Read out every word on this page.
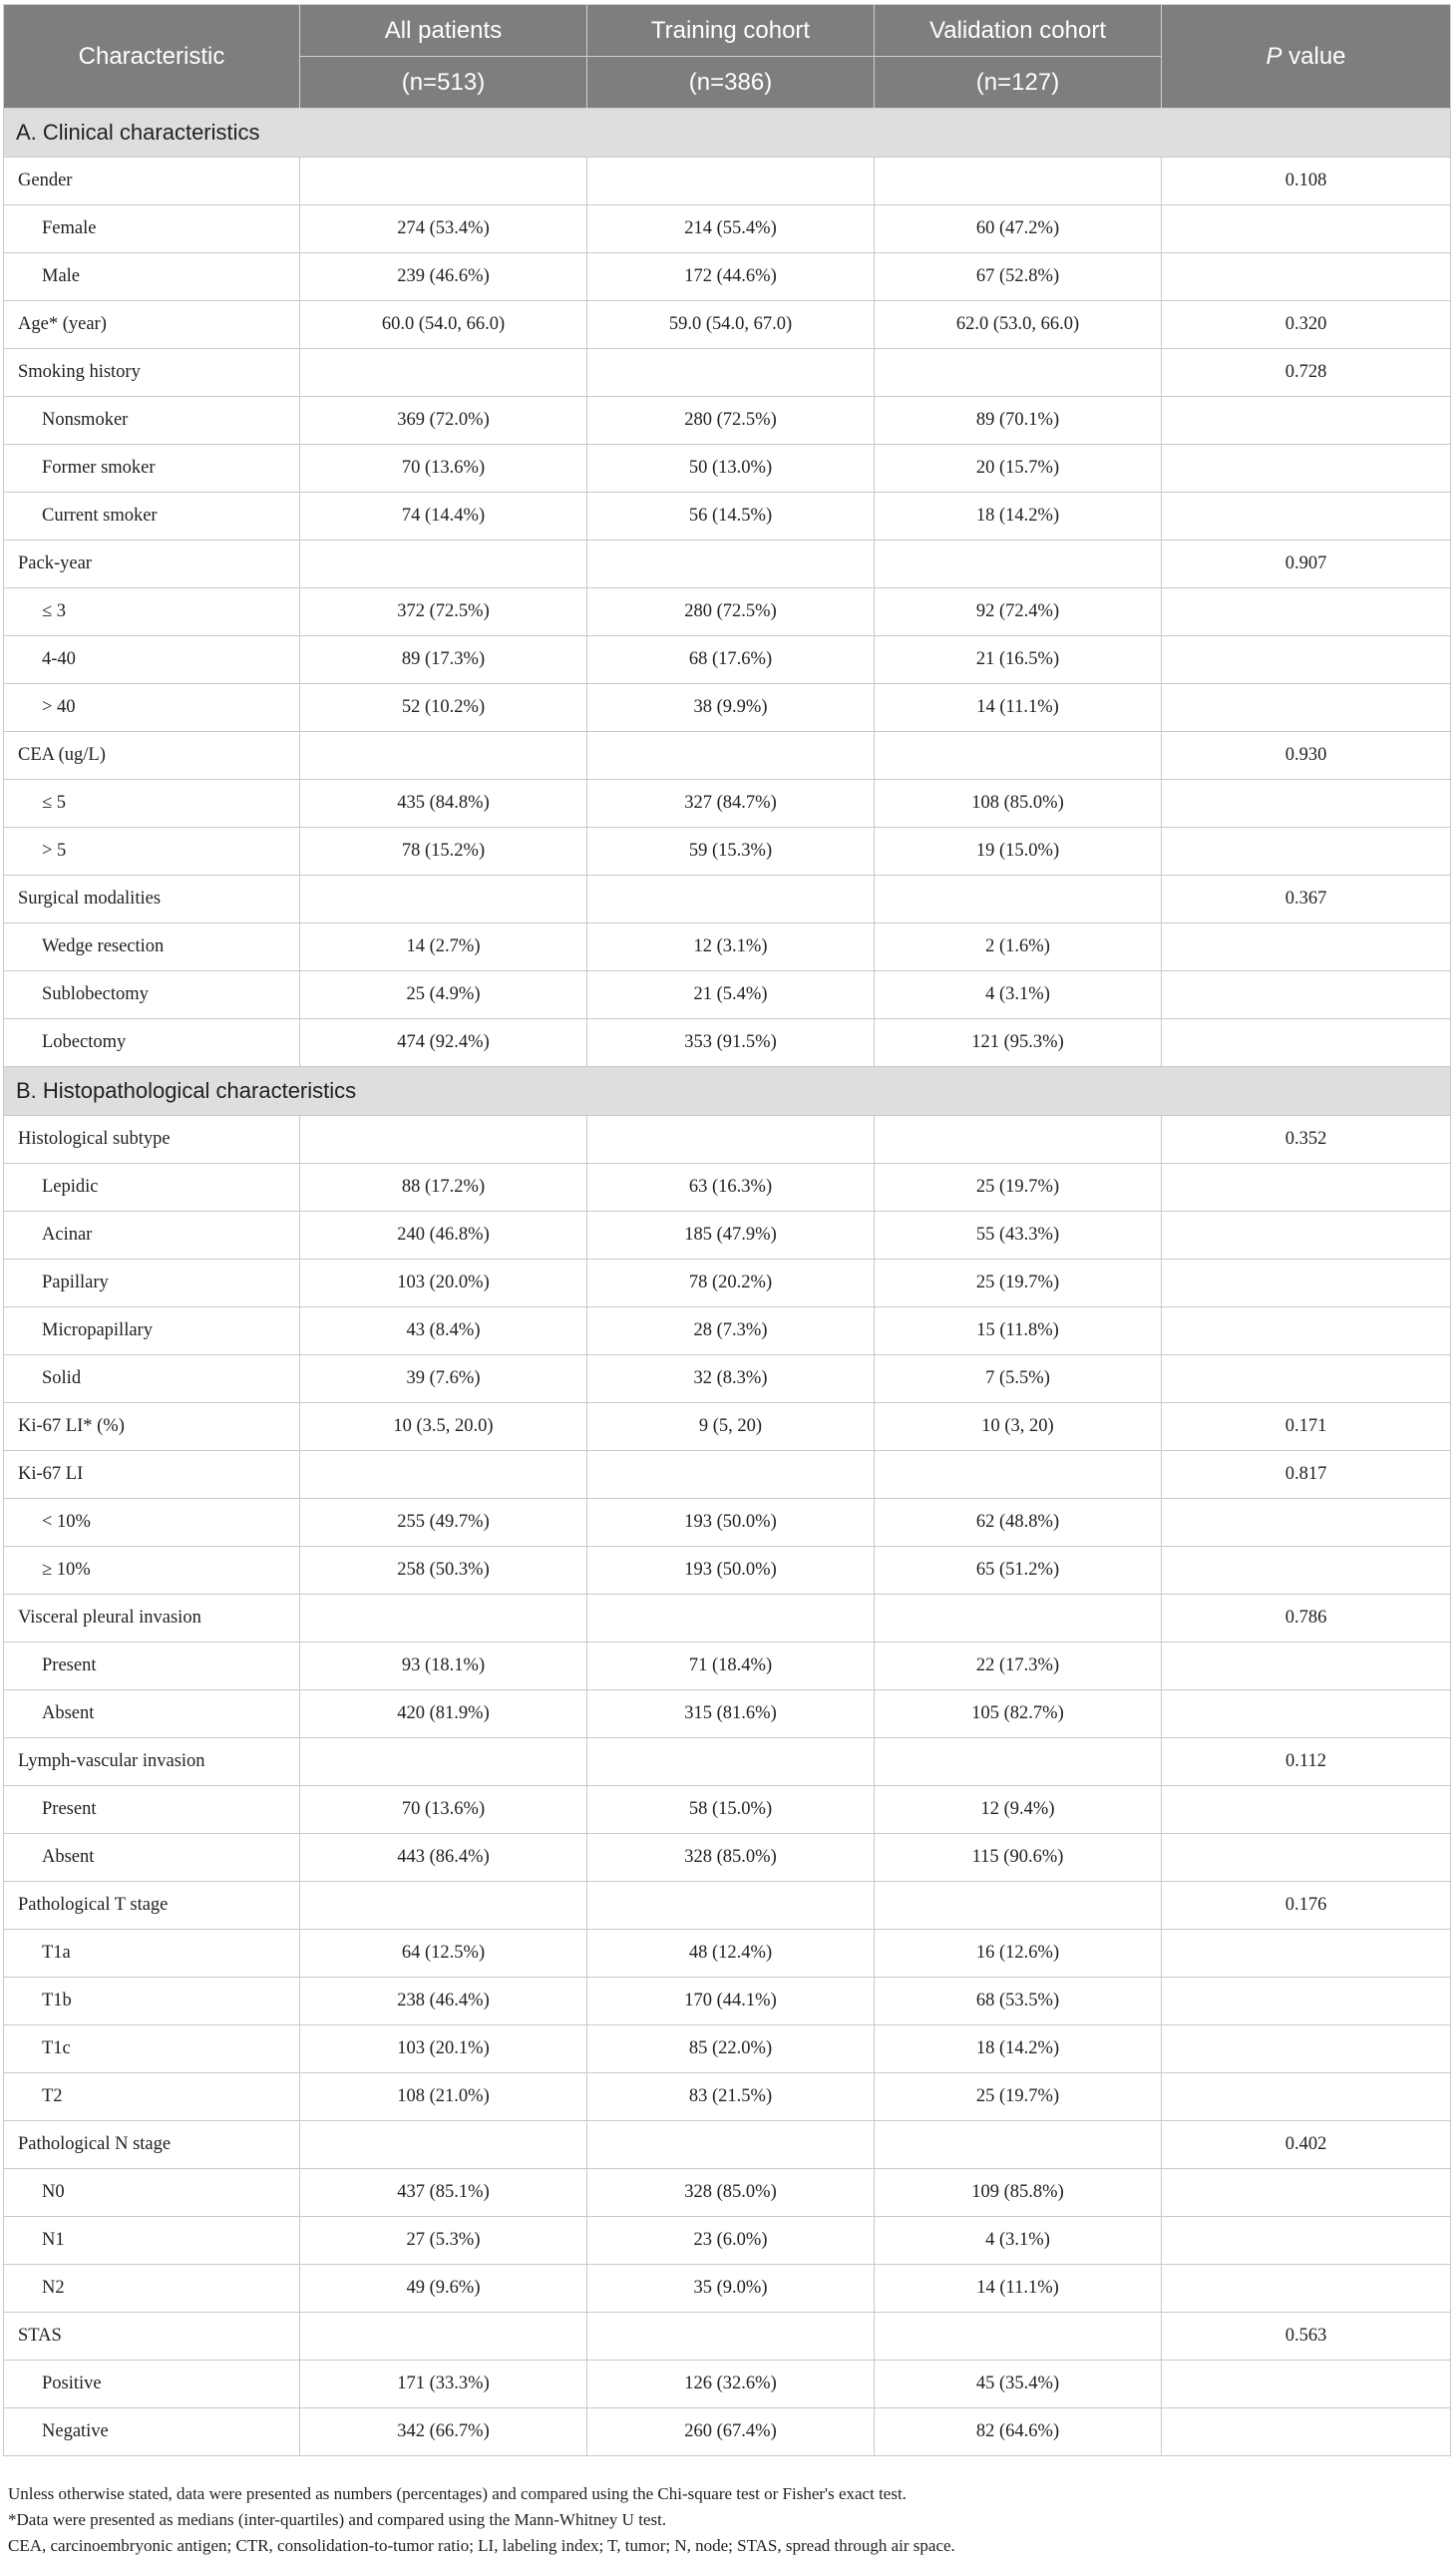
Characteristic	All patients	Training cohort	Validation cohort	P value
	(n=513)	(n=386)	(n=127)	
A. Clinical characteristics				
Gender				0.108
Female	274 (53.4%)	214 (55.4%)	60 (47.2%)	
Male	239 (46.6%)	172 (44.6%)	67 (52.8%)	
Age* (year)	60.0 (54.0, 66.0)	59.0 (54.0, 67.0)	62.0 (53.0, 66.0)	0.320
Smoking history				0.728
Nonsmoker	369 (72.0%)	280 (72.5%)	89 (70.1%)	
Former smoker	70 (13.6%)	50 (13.0%)	20 (15.7%)	
Current smoker	74 (14.4%)	56 (14.5%)	18 (14.2%)	
Pack-year				0.907
≤ 3	372 (72.5%)	280 (72.5%)	92 (72.4%)	
4-40	89 (17.3%)	68 (17.6%)	21 (16.5%)	
> 40	52 (10.2%)	38 (9.9%)	14 (11.1%)	
CEA (ug/L)				0.930
≤ 5	435 (84.8%)	327 (84.7%)	108 (85.0%)	
> 5	78 (15.2%)	59 (15.3%)	19 (15.0%)	
Surgical modalities				0.367
Wedge resection	14 (2.7%)	12 (3.1%)	2 (1.6%)	
Sublobectomy	25 (4.9%)	21 (5.4%)	4 (3.1%)	
Lobectomy	474 (92.4%)	353 (91.5%)	121 (95.3%)	
B. Histopathological characteristics				
Histological subtype				0.352
Lepidic	88 (17.2%)	63 (16.3%)	25 (19.7%)	
Acinar	240 (46.8%)	185 (47.9%)	55 (43.3%)	
Papillary	103 (20.0%)	78 (20.2%)	25 (19.7%)	
Micropapillary	43 (8.4%)	28 (7.3%)	15 (11.8%)	
Solid	39 (7.6%)	32 (8.3%)	7 (5.5%)	
Ki-67 LI* (%)	10 (3.5, 20.0)	9 (5, 20)	10 (3, 20)	0.171
Ki-67 LI				0.817
< 10%	255 (49.7%)	193 (50.0%)	62 (48.8%)	
≥ 10%	258 (50.3%)	193 (50.0%)	65 (51.2%)	
Visceral pleural invasion				0.786
Present	93 (18.1%)	71 (18.4%)	22 (17.3%)	
Absent	420 (81.9%)	315 (81.6%)	105 (82.7%)	
Lymph-vascular invasion				0.112
Present	70 (13.6%)	58 (15.0%)	12 (9.4%)	
Absent	443 (86.4%)	328 (85.0%)	115 (90.6%)	
Pathological T stage				0.176
T1a	64 (12.5%)	48 (12.4%)	16 (12.6%)	
T1b	238 (46.4%)	170 (44.1%)	68 (53.5%)	
T1c	103 (20.1%)	85 (22.0%)	18 (14.2%)	
T2	108 (21.0%)	83 (21.5%)	25 (19.7%)	
Pathological N stage				0.402
N0	437 (85.1%)	328 (85.0%)	109 (85.8%)	
N1	27 (5.3%)	23 (6.0%)	4 (3.1%)	
N2	49 (9.6%)	35 (9.0%)	14 (11.1%)	
STAS				0.563
Positive	171 (33.3%)	126 (32.6%)	45 (35.4%)	
Negative	342 (66.7%)	260 (67.4%)	82 (64.6%)	
Unless otherwise stated, data were presented as numbers (percentages) and compared using the Chi-square test or Fisher's exact test.
*Data were presented as medians (inter-quartiles) and compared using the Mann-Whitney U test.
CEA, carcinoembryonic antigen; CTR, consolidation-to-tumor ratio; LI, labeling index; T, tumor; N, node; STAS, spread through air space.
